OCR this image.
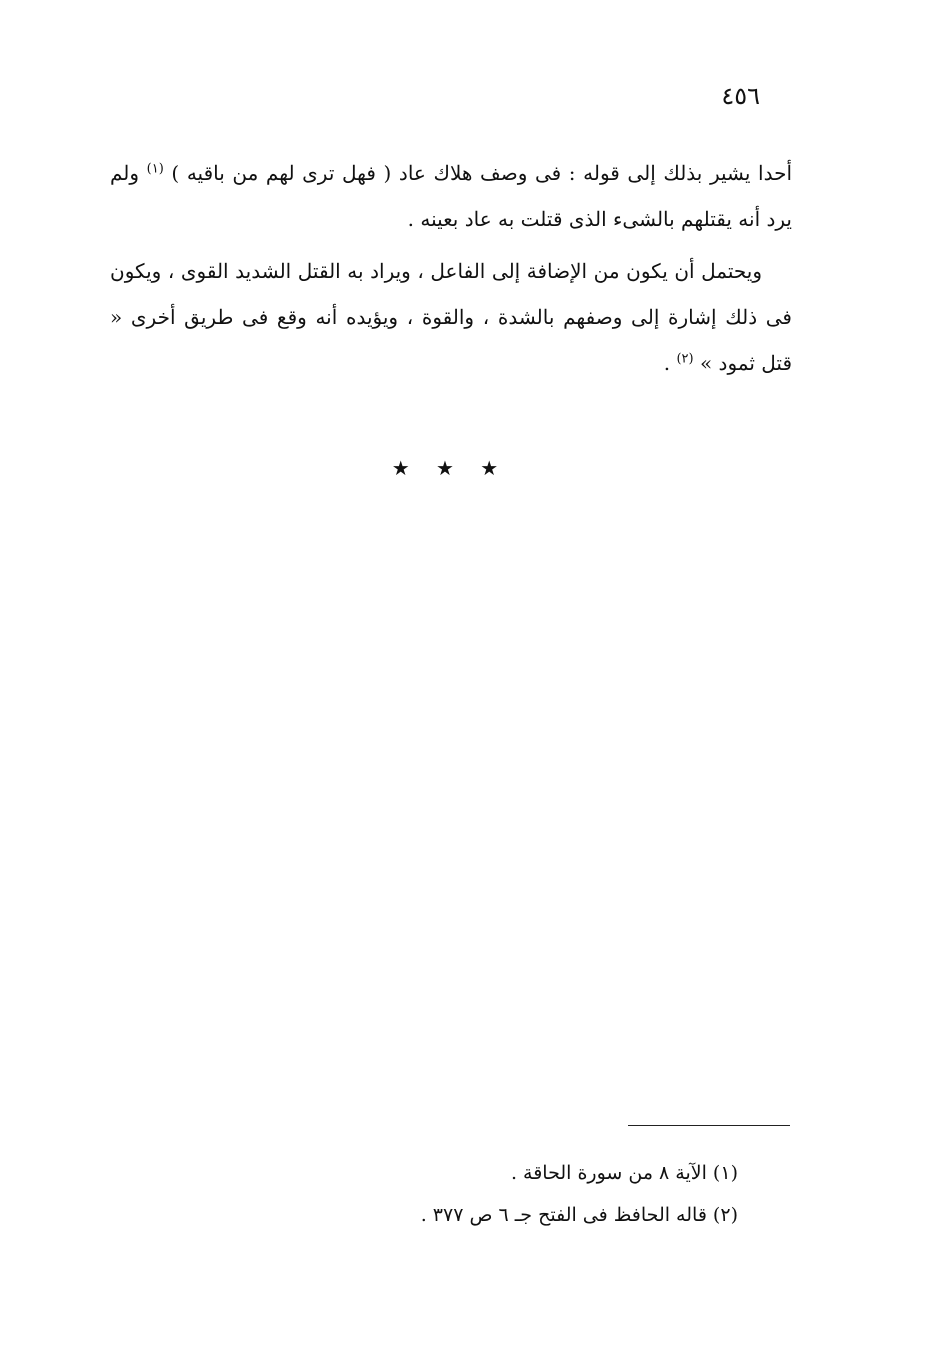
٤٥٦

أحدا يشير بذلك إلى قوله : فى وصف هلاك عاد ( فهل ترى لهم من باقيه ) $^{(١)}$ ولم يرد أنه يقتلهم بالشىء الذى قتلت به عاد بعينه .

ويحتمل أن يكون من الإضافة إلى الفاعل ، ويراد به القتل الشديد القوى ، ويكون فى ذلك إشارة إلى وصفهم بالشدة ، والقوة ، ويؤيده أنه وقع فى طريق أخرى « قتل ثمود » $^{(٢)}$ .

★ ★ ★
(١) الآية ٨ من سورة الحاقة .
(٢) قاله الحافظ فى الفتح جـ ٦ ص ٣٧٧ .
